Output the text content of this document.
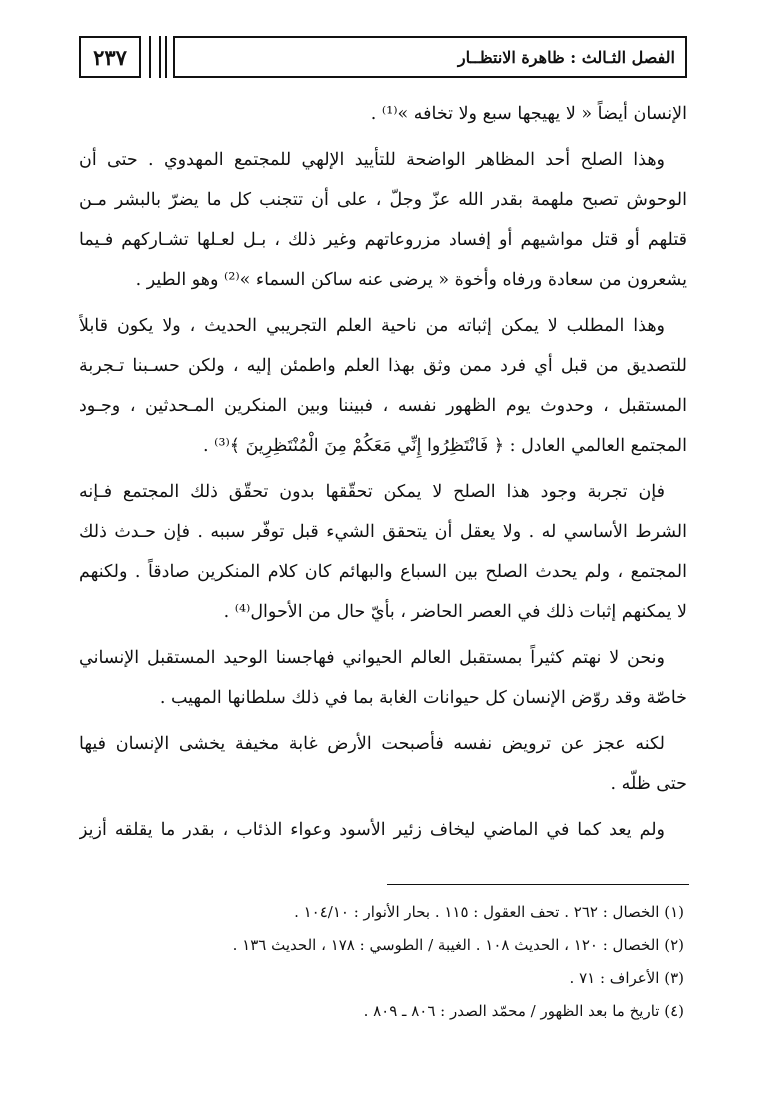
٢٣٧	الفصل الثـالث : ظاهرة الانتظــار
الإنسان أيضاً « لا يهيجها سبع ولا تخافه »⁽¹⁾ .
وهذا الصلح أحد المظاهر الواضحة للتأييد الإلهي للمجتمع المهدوي . حتى أن
الوحوش تصبح ملهمة بقدر الله عزّ وجلّ ، على أن تتجنب كل ما يضرّ بالبشر مـن
قتلهم أو قتل مواشيهم أو إفساد مزروعاتهم وغير ذلك ، بـل لعـلها تشـاركهم فـيما
يشعرون من سعادة ورفاه وأخوة « يرضى عنه ساكن السماء »⁽²⁾ وهو الطير .
وهذا المطلب لا يمكن إثباته من ناحية العلم التجريبي الحديث ، ولا يكون قابلاً
للتصديق من قبل أي فرد ممن وثق بهذا العلم واطمئن إليه ، ولكن حسـبنا تـجربة
المستقبل ، وحدوث يوم الظهور نفسه ، فبيننا وبين المنكرين المـحدثين ، وجـود
المجتمع العالمي العادل : ﴿ فَانْتَظِرُوا إِنِّي مَعَكُمْ مِنَ الْمُنْتَظِرِينَ ﴾⁽³⁾ .
فإن تجربة وجود هذا الصلح لا يمكن تحقّقها بدون تحقّق ذلك المجتمع فـإنه
الشرط الأساسي له . ولا يعقل أن يتحقق الشيء قبل توفّر سببه . فإن حـدث ذلك
المجتمع ، ولم يحدث الصلح بين السباع والبهائم كان كلام المنكرين صادقاً . ولكنهم
لا يمكنهم إثبات ذلك في العصر الحاضر ، بأيّ حال من الأحوال⁽⁴⁾ .
ونحن لا نهتم كثيراً بمستقبل العالم الحيواني فهاجسنا الوحيد المستقبل الإنساني
خاصّة وقد روّض الإنسان كل حيوانات الغابة بما في ذلك سلطانها المهيب .
لكنه عجز عن ترويض نفسه فأصبحت الأرض غابة مخيفة يخشى الإنسان فيها
حتى ظلّه .
ولم يعد كما في الماضي ليخاف زئير الأسود وعواء الذئاب ، بقدر ما يقلقه أزيز
(١) الخصال : ٢٦٢ . تحف العقول : ١١٥ . بحار الأنوار : ١٠٤/١٠ .
(٢) الخصال : ١٢٠ ، الحديث ١٠٨ . الغيبة / الطوسي : ١٧٨ ، الحديث ١٣٦ .
(٣) الأعراف : ٧١ .
(٤) تاريخ ما بعد الظهور / محمّد الصدر : ٨٠٦ ـ ٨٠٩ .
